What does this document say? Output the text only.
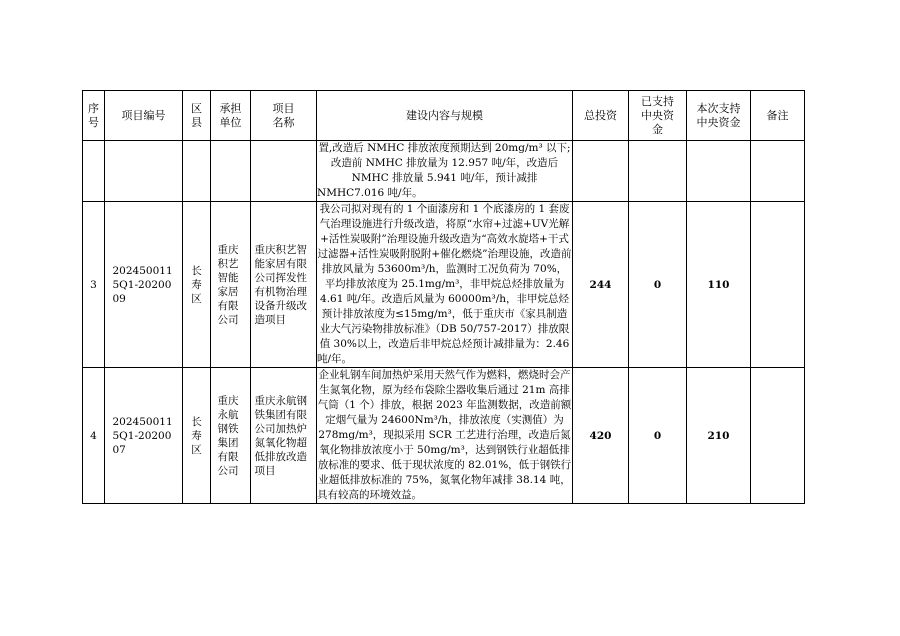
序号	项目编号	区县	承担单位	项目名称	建设内容与规模	总投资	已支持中央资金	本次支持中央资金	备注
					置,改造后 NMHC 排放浓度预期达到 20mg/m³ 以下;改造前 NMHC 排放量为 12.957 吨/年，改造后 NMHC 排放量 5.941 吨/年，预计减排 NMHC7.016 吨/年。				
3	2024500115Q1-2020009	长寿区	重庆积艺智能家居有限公司	重庆积艺智能家居有限公司挥发性有机物治理设备升级改造项目	我公司拟对现有的 1 个面漆房和 1 个底漆房的 1 套废气治理设施进行升级改造，将原“水帘+过滤+UV光解+活性炭吸附”治理设施升级改造为“高效水旋塔+干式过滤器+活性炭吸附脱附+催化燃烧”治理设施，改造前排放风量为 53600m³/h，监测时工况负荷为 70%，平均排放浓度为 25.1mg/m³，非甲烷总烃排放量为 4.61 吨/年。改造后风量为 60000m³/h，非甲烷总烃预计排放浓度为≤15mg/m³，低于重庆市《家具制造业大气污染物排放标准》（DB 50/757-2017）排放限值 30%以上，改造后非甲烷总烃预计减排量为：2.46 吨/年。	244	0	110	
4	2024500115Q1-2020007	长寿区	重庆永航钢铁集团有限公司	重庆永航钢铁集团有限公司加热炉氮氧化物超低排放改造项目	企业轧钢车间加热炉采用天然气作为燃料，燃烧时会产生氮氧化物，原为经布袋除尘器收集后通过 21m 高排气筒（1 个）排放，根据 2023 年监测数据，改造前额定烟气量为 24600Nm³/h，排放浓度（实测值）为 278mg/m³，现拟采用 SCR 工艺进行治理，改造后氮氧化物排放浓度小于 50mg/m³，达到钢铁行业超低排放标准的要求、低于现状浓度的 82.01%，低于钢铁行业超低排放标准的 75%，氮氧化物年减排 38.14 吨，具有较高的环境效益。	420	0	210	
